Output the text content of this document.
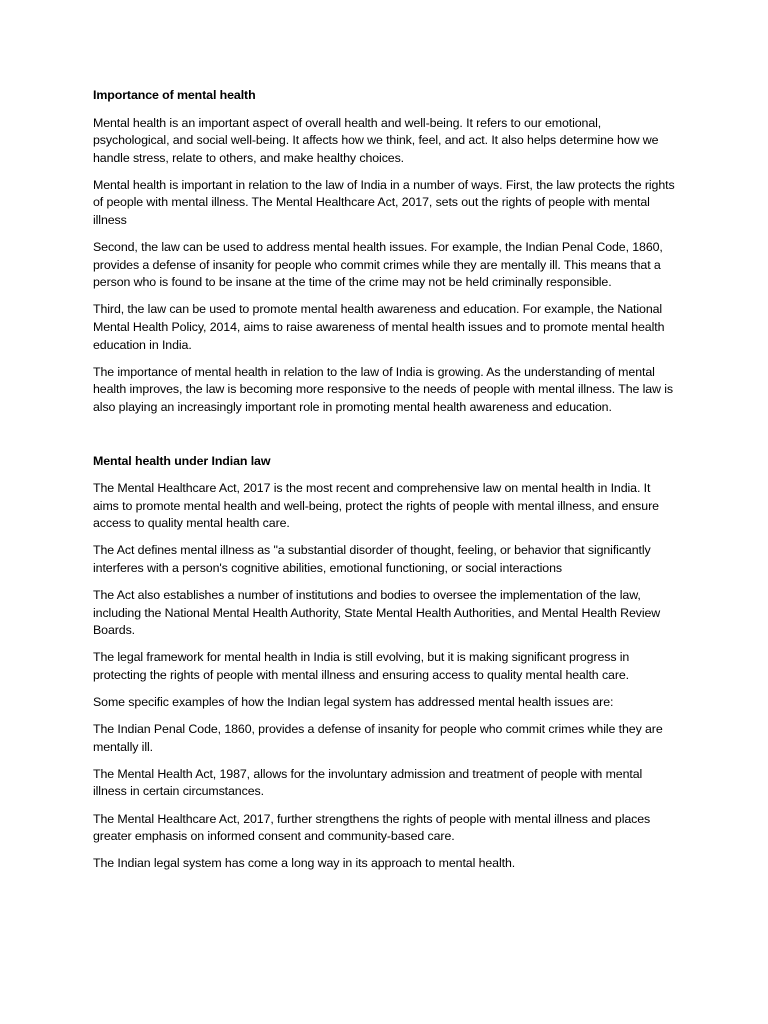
Importance of mental health

Mental health is an important aspect of overall health and well-being. It refers to our emotional, psychological, and social well-being. It affects how we think, feel, and act. It also helps determine how we handle stress, relate to others, and make healthy choices.

Mental health is important in relation to the law of India in a number of ways. First, the law protects the rights of people with mental illness. The Mental Healthcare Act, 2017, sets out the rights of people with mental illness

Second, the law can be used to address mental health issues. For example, the Indian Penal Code, 1860, provides a defense of insanity for people who commit crimes while they are mentally ill. This means that a person who is found to be insane at the time of the crime may not be held criminally responsible.

Third, the law can be used to promote mental health awareness and education. For example, the National Mental Health Policy, 2014, aims to raise awareness of mental health issues and to promote mental health education in India.

The importance of mental health in relation to the law of India is growing. As the understanding of mental health improves, the law is becoming more responsive to the needs of people with mental illness. The law is also playing an increasingly important role in promoting mental health awareness and education.

Mental health under Indian law

The Mental Healthcare Act, 2017 is the most recent and comprehensive law on mental health in India. It aims to promote mental health and well-being, protect the rights of people with mental illness, and ensure access to quality mental health care.

The Act defines mental illness as "a substantial disorder of thought, feeling, or behavior that significantly interferes with a person's cognitive abilities, emotional functioning, or social interactions

The Act also establishes a number of institutions and bodies to oversee the implementation of the law, including the National Mental Health Authority, State Mental Health Authorities, and Mental Health Review Boards.

The legal framework for mental health in India is still evolving, but it is making significant progress in protecting the rights of people with mental illness and ensuring access to quality mental health care.

Some specific examples of how the Indian legal system has addressed mental health issues are:

The Indian Penal Code, 1860, provides a defense of insanity for people who commit crimes while they are mentally ill.

The Mental Health Act, 1987, allows for the involuntary admission and treatment of people with mental illness in certain circumstances.

The Mental Healthcare Act, 2017, further strengthens the rights of people with mental illness and places greater emphasis on informed consent and community-based care.

The Indian legal system has come a long way in its approach to mental health.
